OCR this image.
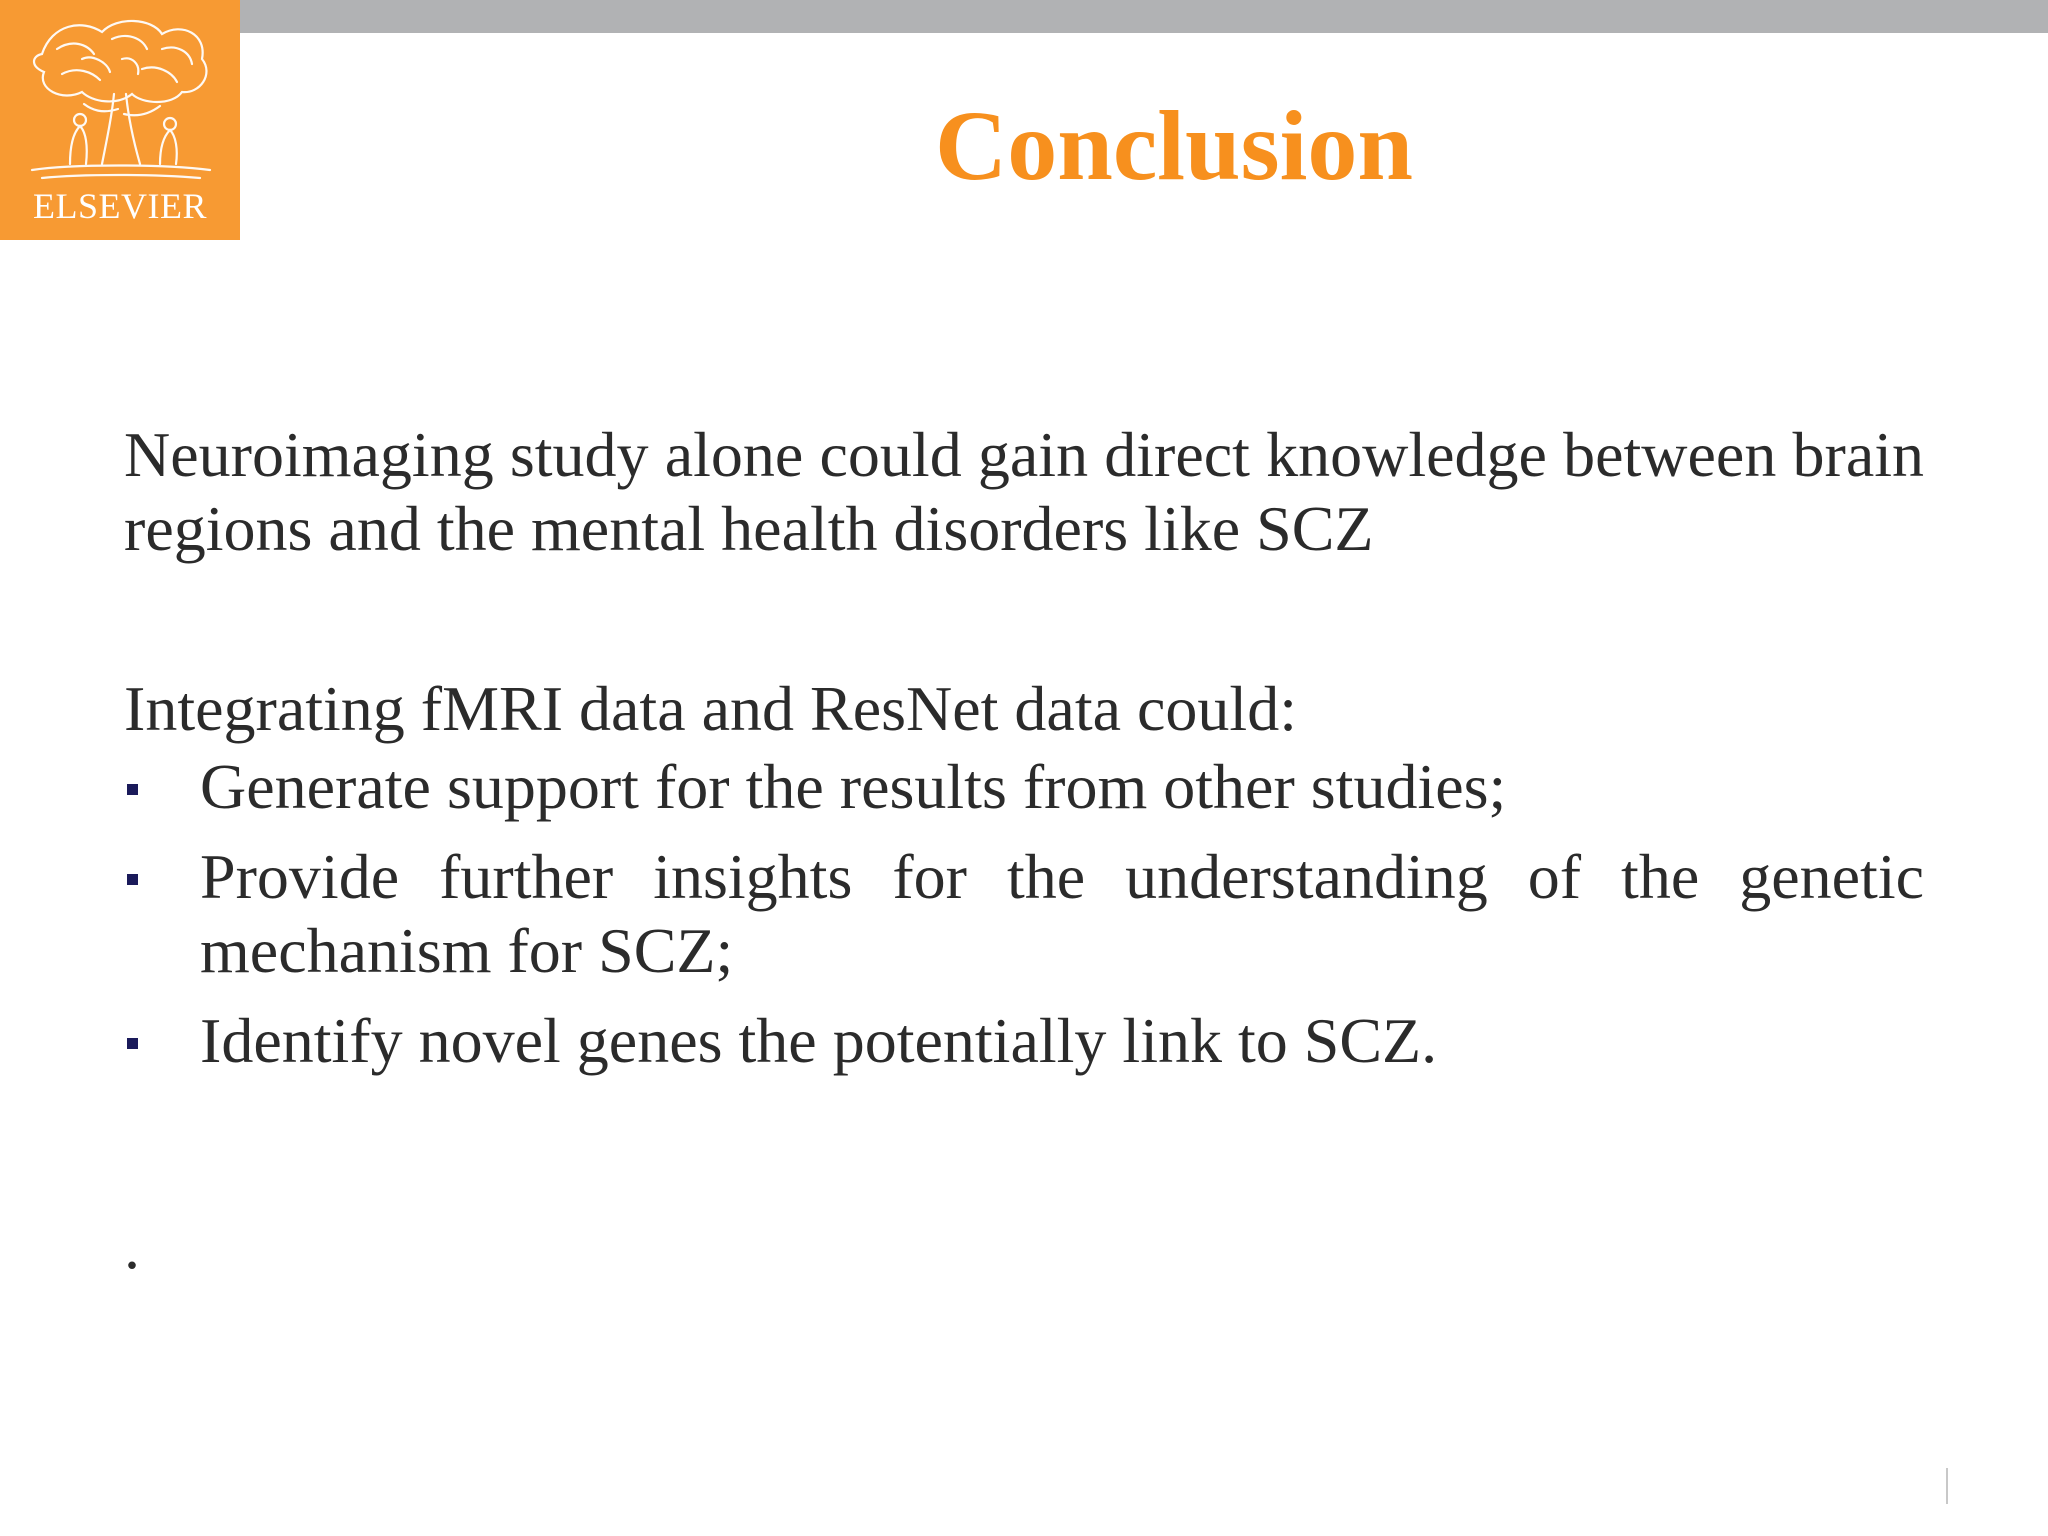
ELSEVIER
Conclusion

Neuroimaging study alone could gain direct knowledge between brain regions and the mental health disorders like SCZ

Integrating fMRI data and ResNet data could:

Generate support for the results from other studies;
Provide further insights for the understanding of the genetic mechanism for SCZ;
Identify novel genes the potentially link to SCZ.
.
